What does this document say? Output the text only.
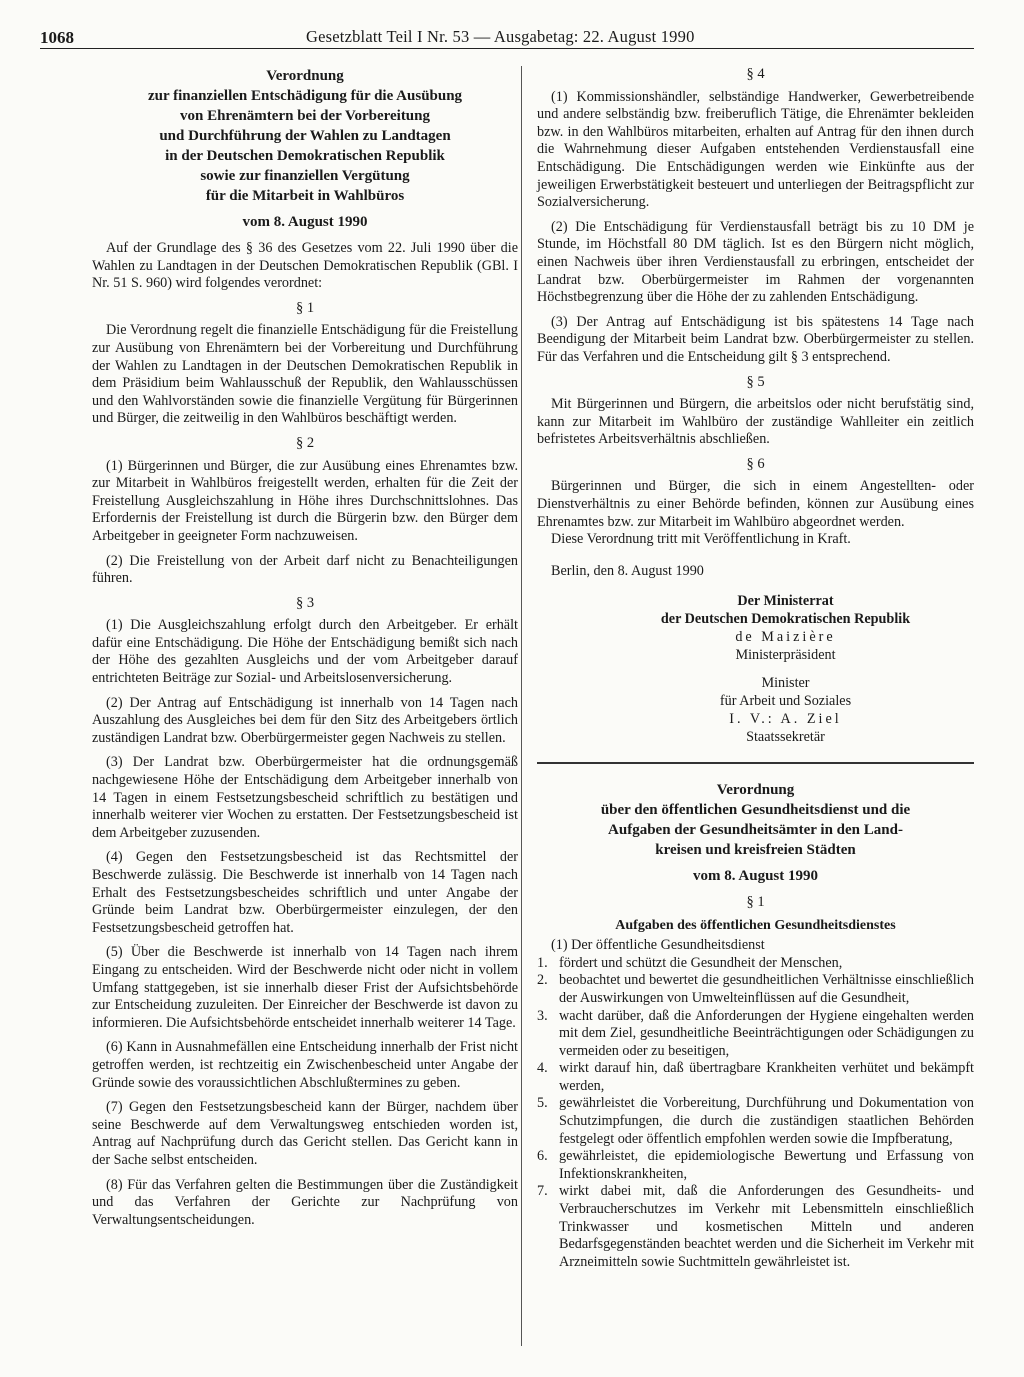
1068	Gesetzblatt Teil I Nr. 53 — Ausgabetag: 22. August 1990
Verordnung
zur finanziellen Entschädigung für die Ausübung
von Ehrenämtern bei der Vorbereitung
und Durchführung der Wahlen zu Landtagen
in der Deutschen Demokratischen Republik
sowie zur finanziellen Vergütung
für die Mitarbeit in Wahlbüros
vom 8. August 1990

Auf der Grundlage des § 36 des Gesetzes vom 22. Juli 1990 über die Wahlen zu Landtagen in der Deutschen Demokratischen Republik (GBl. I Nr. 51 S. 960) wird folgendes verordnet:

§ 1

Die Verordnung regelt die finanzielle Entschädigung für die Freistellung zur Ausübung von Ehrenämtern bei der Vorbereitung und Durchführung der Wahlen zu Landtagen in der Deutschen Demokratischen Republik in dem Präsidium beim Wahlausschuß der Republik, den Wahlausschüssen und den Wahlvorständen sowie die finanzielle Vergütung für Bürgerinnen und Bürger, die zeitweilig in den Wahlbüros beschäftigt werden.

§ 2

(1) Bürgerinnen und Bürger, die zur Ausübung eines Ehrenamtes bzw. zur Mitarbeit in Wahlbüros freigestellt werden, erhalten für die Zeit der Freistellung Ausgleichszahlung in Höhe ihres Durchschnittslohnes. Das Erfordernis der Freistellung ist durch die Bürgerin bzw. den Bürger dem Arbeitgeber in geeigneter Form nachzuweisen.

(2) Die Freistellung von der Arbeit darf nicht zu Benachteiligungen führen.

§ 3

(1) Die Ausgleichszahlung erfolgt durch den Arbeitgeber. Er erhält dafür eine Entschädigung. Die Höhe der Entschädigung bemißt sich nach der Höhe des gezahlten Ausgleichs und der vom Arbeitgeber darauf entrichteten Beiträge zur Sozial- und Arbeitslosenversicherung.

(2) Der Antrag auf Entschädigung ist innerhalb von 14 Tagen nach Auszahlung des Ausgleiches bei dem für den Sitz des Arbeitgebers örtlich zuständigen Landrat bzw. Oberbürgermeister gegen Nachweis zu stellen.

(3) Der Landrat bzw. Oberbürgermeister hat die ordnungsgemäß nachgewiesene Höhe der Entschädigung dem Arbeitgeber innerhalb von 14 Tagen in einem Festsetzungsbescheid schriftlich zu bestätigen und innerhalb weiterer vier Wochen zu erstatten. Der Festsetzungsbescheid ist dem Arbeitgeber zuzusenden.

(4) Gegen den Festsetzungsbescheid ist das Rechtsmittel der Beschwerde zulässig. Die Beschwerde ist innerhalb von 14 Tagen nach Erhalt des Festsetzungsbescheides schriftlich und unter Angabe der Gründe beim Landrat bzw. Oberbürgermeister einzulegen, der den Festsetzungsbescheid getroffen hat.

(5) Über die Beschwerde ist innerhalb von 14 Tagen nach ihrem Eingang zu entscheiden. Wird der Beschwerde nicht oder nicht in vollem Umfang stattgegeben, ist sie innerhalb dieser Frist der Aufsichtsbehörde zur Entscheidung zuzuleiten. Der Einreicher der Beschwerde ist davon zu informieren. Die Aufsichtsbehörde entscheidet innerhalb weiterer 14 Tage.

(6) Kann in Ausnahmefällen eine Entscheidung innerhalb der Frist nicht getroffen werden, ist rechtzeitig ein Zwischenbescheid unter Angabe der Gründe sowie des voraussichtlichen Abschlußtermines zu geben.

(7) Gegen den Festsetzungsbescheid kann der Bürger, nachdem über seine Beschwerde auf dem Verwaltungsweg entschieden worden ist, Antrag auf Nachprüfung durch das Gericht stellen. Das Gericht kann in der Sache selbst entscheiden.

(8) Für das Verfahren gelten die Bestimmungen über die Zuständigkeit und das Verfahren der Gerichte zur Nachprüfung von Verwaltungsentscheidungen.

§ 4

(1) Kommissionshändler, selbständige Handwerker, Gewerbetreibende und andere selbständig bzw. freiberuflich Tätige, die Ehrenämter bekleiden bzw. in den Wahlbüros mitarbeiten, erhalten auf Antrag für den ihnen durch die Wahrnehmung dieser Aufgaben entstehenden Verdienstausfall eine Entschädigung. Die Entschädigungen werden wie Einkünfte aus der jeweiligen Erwerbstätigkeit besteuert und unterliegen der Beitragspflicht zur Sozialversicherung.

(2) Die Entschädigung für Verdienstausfall beträgt bis zu 10 DM je Stunde, im Höchstfall 80 DM täglich. Ist es den Bürgern nicht möglich, einen Nachweis über ihren Verdienstausfall zu erbringen, entscheidet der Landrat bzw. Oberbürgermeister im Rahmen der vorgenannten Höchstbegrenzung über die Höhe der zu zahlenden Entschädigung.

(3) Der Antrag auf Entschädigung ist bis spätestens 14 Tage nach Beendigung der Mitarbeit beim Landrat bzw. Oberbürgermeister zu stellen. Für das Verfahren und die Entscheidung gilt § 3 entsprechend.

§ 5

Mit Bürgerinnen und Bürgern, die arbeitslos oder nicht berufstätig sind, kann zur Mitarbeit im Wahlbüro der zuständige Wahlleiter ein zeitlich befristetes Arbeitsverhältnis abschließen.

§ 6

Bürgerinnen und Bürger, die sich in einem Angestellten- oder Dienstverhältnis zu einer Behörde befinden, können zur Ausübung eines Ehrenamtes bzw. zur Mitarbeit im Wahlbüro abgeordnet werden.

Diese Verordnung tritt mit Veröffentlichung in Kraft.

Berlin, den 8. August 1990
Der Ministerrat
der Deutschen Demokratischen Republik
de Maizière
Ministerpräsident
Minister
für Arbeit und Soziales
I. V.: A. Ziel
Staatssekretär
Verordnung
über den öffentlichen Gesundheitsdienst und die
Aufgaben der Gesundheitsämter in den Land-
kreisen und kreisfreien Städten
vom 8. August 1990
§ 1
Aufgaben des öffentlichen Gesundheitsdienstes
(1) Der öffentliche Gesundheitsdienst
1. fördert und schützt die Gesundheit der Menschen,
2. beobachtet und bewertet die gesundheitlichen Verhältnisse einschließlich der Auswirkungen von Umwelteinflüssen auf die Gesundheit,
3. wacht darüber, daß die Anforderungen der Hygiene eingehalten werden mit dem Ziel, gesundheitliche Beeinträchtigungen oder Schädigungen zu vermeiden oder zu beseitigen,
4. wirkt darauf hin, daß übertragbare Krankheiten verhütet und bekämpft werden,
5. gewährleistet die Vorbereitung, Durchführung und Dokumentation von Schutzimpfungen, die durch die zuständigen staatlichen Behörden festgelegt oder öffentlich empfohlen werden sowie die Impfberatung,
6. gewährleistet, die epidemiologische Bewertung und Erfassung von Infektionskrankheiten,
7. wirkt dabei mit, daß die Anforderungen des Gesundheits- und Verbraucherschutzes im Verkehr mit Lebensmitteln einschließlich Trinkwasser und kosmetischen Mitteln und anderen Bedarfsgegenständen beachtet werden und die Sicherheit im Verkehr mit Arzneimitteln sowie Suchtmitteln gewährleistet ist.
